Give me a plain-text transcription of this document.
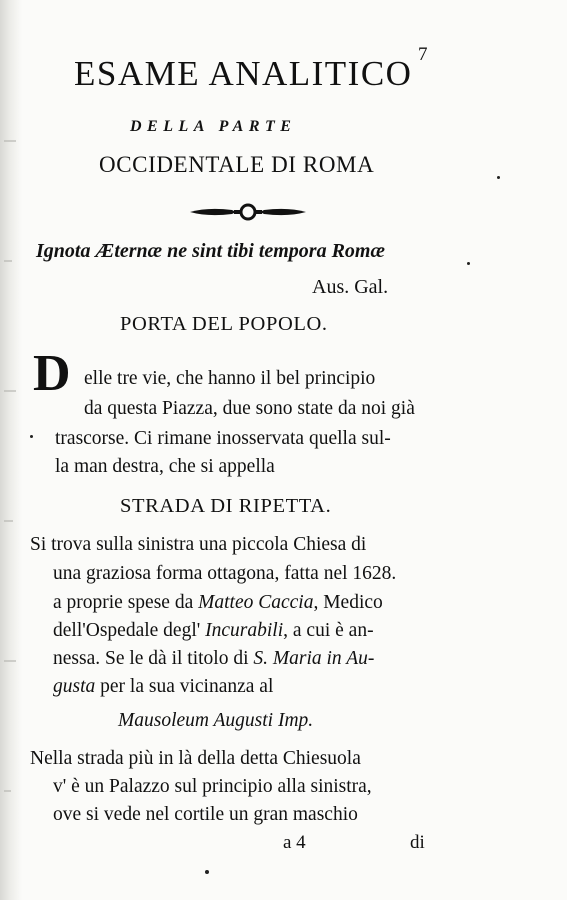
ESAME ANALITICO 7
DELLA PARTE
OCCIDENTALE DI ROMA
Ignota Æternæ ne sint tibi tempora Romæ
Aus. Gal.
PORTA DEL POPOLO.
D elle tre vie, che hanno il bel principio
da questa Piazza, due sono state da noi già
trascorse. Ci rimane inosservata quella sul-
la man destra, che si appella
STRADA DI RIPETTA.
Si trova sulla sinistra una piccola Chiesa di
una graziosa forma ottagona, fatta nel 1628.
a proprie spese da Matteo Caccia, Medico
dell'Ospedale degl' Incurabili, a cui è an-
nessa. Se le dà il titolo di S. Maria in Au-
gusta per la sua vicinanza al
Mausoleum Augusti Imp.
Nella strada più in là della detta Chiesuola
v' è un Palazzo sul principio alla sinistra,
ove si vede nel cortile un gran maschio
a 4	di
